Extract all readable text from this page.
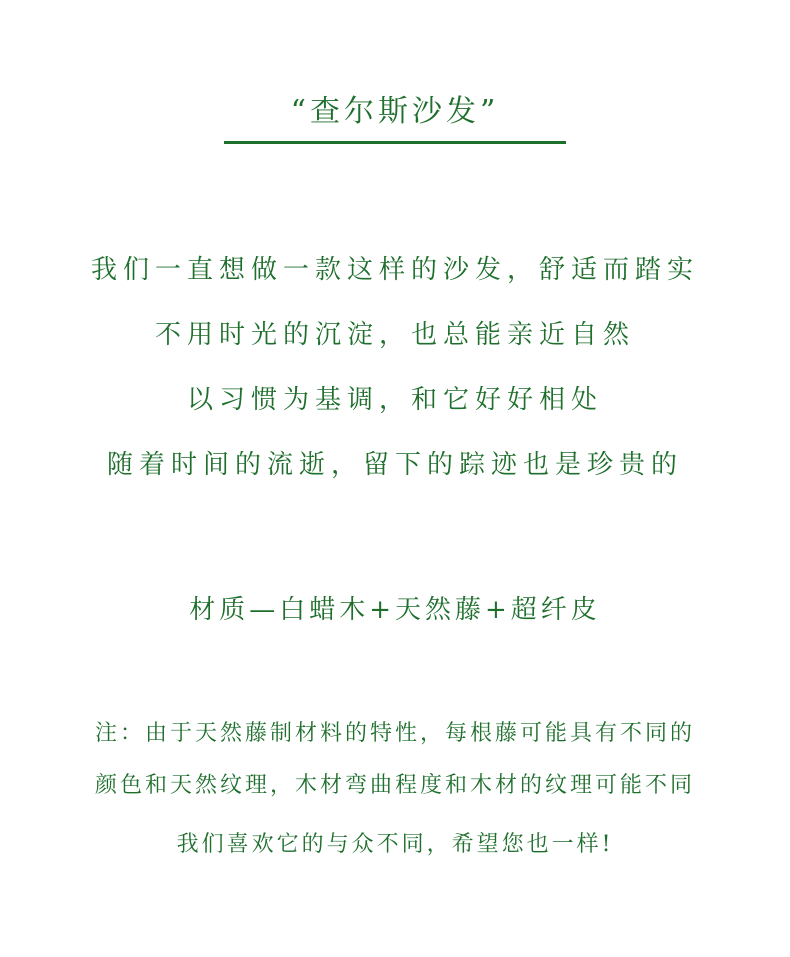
“查尔斯沙发”
我们一直想做一款这样的沙发，舒适而踏实
不用时光的沉淀，也总能亲近自然
以习惯为基调，和它好好相处
随着时间的流逝，留下的踪迹也是珍贵的
材质—白蜡木+天然藤+超纤皮
注：由于天然藤制材料的特性，每根藤可能具有不同的
颜色和天然纹理，木材弯曲程度和木材的纹理可能不同
我们喜欢它的与众不同，希望您也一样!
